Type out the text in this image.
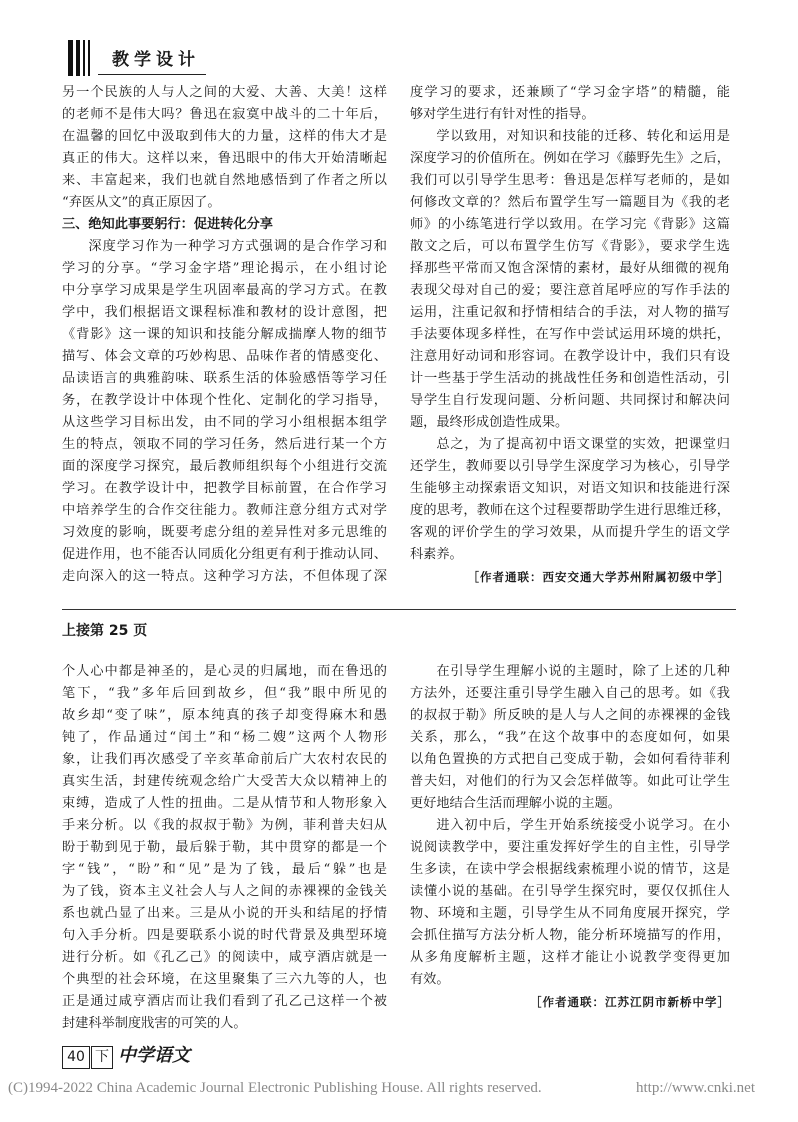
教学设计
另一个民族的人与人之间的大爱、大善、大美！这样
的老师不是伟大吗？鲁迅在寂寞中战斗的二十年后，
在温馨的回忆中汲取到伟大的力量，这样的伟大才是
真正的伟大。这样以来，鲁迅眼中的伟大开始清晰起
来、丰富起来，我们也就自然地感悟到了作者之所以
“弃医从文”的真正原因了。
三、绝知此事要躬行：促进转化分享
深度学习作为一种学习方式强调的是合作学习和
学习的分享。“学习金字塔”理论揭示，在小组讨论
中分享学习成果是学生巩固率最高的学习方式。在教
学中，我们根据语文课程标准和教材的设计意图，把
《背影》这一课的知识和技能分解成揣摩人物的细节
描写、体会文章的巧妙构思、品味作者的情感变化、
品读语言的典雅韵味、联系生活的体验感悟等学习任
务，在教学设计中体现个性化、定制化的学习指导，
从这些学习目标出发，由不同的学习小组根据本组学
生的特点，领取不同的学习任务，然后进行某一个方
面的深度学习探究，最后教师组织每个小组进行交流
学习。在教学设计中，把教学目标前置，在合作学习
中培养学生的合作交往能力。教师注意分组方式对学
习效度的影响，既要考虑分组的差异性对多元思维的
促进作用，也不能否认同质化分组更有利于推动认同、
走向深入的这一特点。这种学习方法，不但体现了深
度学习的要求，还兼顾了“学习金字塔”的精髓，能
够对学生进行有针对性的指导。
学以致用，对知识和技能的迁移、转化和运用是
深度学习的价值所在。例如在学习《藤野先生》之后，
我们可以引导学生思考：鲁迅是怎样写老师的，是如
何修改文章的？然后布置学生写一篇题目为《我的老
师》的小练笔进行学以致用。在学习完《背影》这篇
散文之后，可以布置学生仿写《背影》，要求学生选
择那些平常而又饱含深情的素材，最好从细微的视角
表现父母对自己的爱；要注意首尾呼应的写作手法的
运用，注重记叙和抒情相结合的手法，对人物的描写
手法要体现多样性，在写作中尝试运用环境的烘托，
注意用好动词和形容词。在教学设计中，我们只有设
计一些基于学生活动的挑战性任务和创造性活动，引
导学生自行发现问题、分析问题、共同探讨和解决问
题，最终形成创造性成果。
总之，为了提高初中语文课堂的实效，把课堂归
还学生，教师要以引导学生深度学习为核心，引导学
生能够主动探索语文知识，对语文知识和技能进行深
度的思考，教师在这个过程要帮助学生进行思维迁移，
客观的评价学生的学习效果，从而提升学生的语文学
科素养。
［作者通联：西安交通大学苏州附属初级中学］
上接第 25 页
个人心中都是神圣的，是心灵的归属地，而在鲁迅的
笔下，“我”多年后回到故乡，但“我”眼中所见的
故乡却“变了味”，原本纯真的孩子却变得麻木和愚
钝了，作品通过“闰土”和“杨二嫂”这两个人物形
象，让我们再次感受了辛亥革命前后广大农村农民的
真实生活，封建传统观念给广大受苦大众以精神上的
束缚，造成了人性的扭曲。二是从情节和人物形象入
手来分析。以《我的叔叔于勒》为例，菲利普夫妇从
盼于勒到见于勒，最后躲于勒，其中贯穿的都是一个
字“钱”，“盼”和“见”是为了钱，最后“躲”也是
为了钱，资本主义社会人与人之间的赤裸裸的金钱关
系也就凸显了出来。三是从小说的开头和结尾的抒情
句入手分析。四是要联系小说的时代背景及典型环境
进行分析。如《孔乙己》的阅读中，咸亨酒店就是一
个典型的社会环境，在这里聚集了三六九等的人，也
正是通过咸亨酒店而让我们看到了孔乙己这样一个被
封建科举制度戕害的可笑的人。
在引导学生理解小说的主题时，除了上述的几种
方法外，还要注重引导学生融入自己的思考。如《我
的叔叔于勒》所反映的是人与人之间的赤裸裸的金钱
关系，那么，“我”在这个故事中的态度如何，如果
以角色置换的方式把自己变成于勒，会如何看待菲利
普夫妇，对他们的行为又会怎样做等。如此可让学生
更好地结合生活而理解小说的主题。
进入初中后，学生开始系统接受小说学习。在小
说阅读教学中，要注重发挥好学生的自主性，引导学
生多读，在读中学会根据线索梳理小说的情节，这是
读懂小说的基础。在引导学生探究时，要仅仅抓住人
物、环境和主题，引导学生从不同角度展开探究，学
会抓住描写方法分析人物，能分析环境描写的作用，
从多角度解析主题，这样才能让小说教学变得更加
有效。
［作者通联：江苏江阴市新桥中学］
40 下 中学语文
(C)1994-2022 China Academic Journal Electronic Publishing House. All rights reserved.	http://www.cnki.net
